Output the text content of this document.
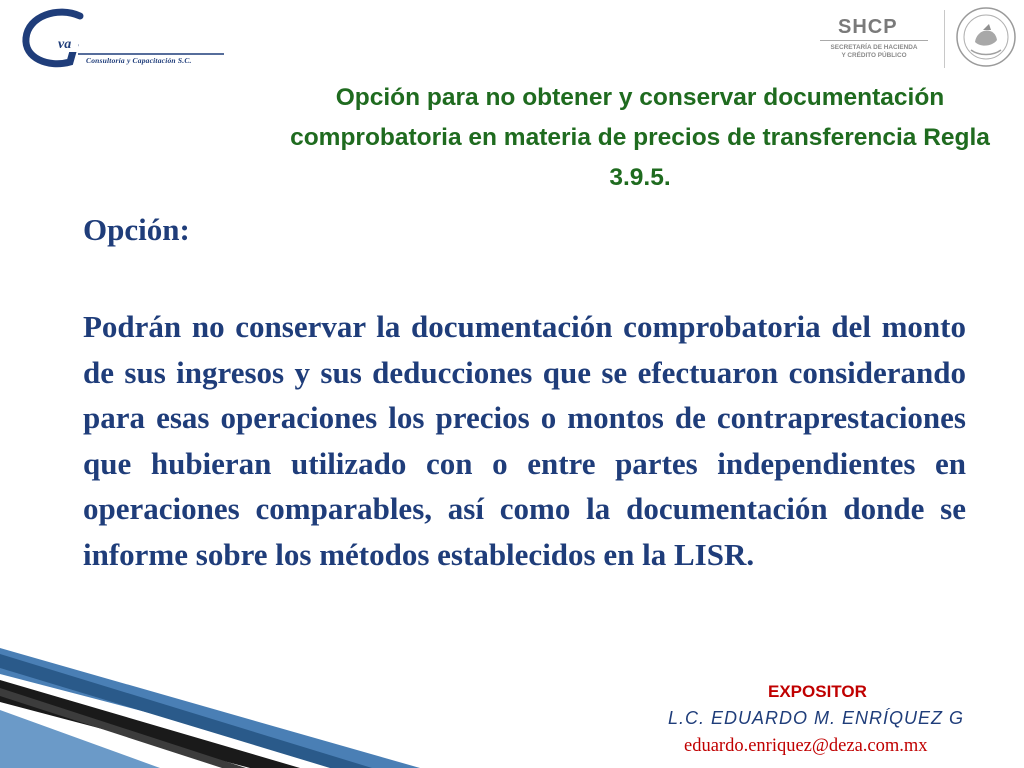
va
Consultoría y Capacitación S.C.
SHCP
SECRETARÍA DE HACIENDA
Y CRÉDITO PÚBLICO
Opción para no obtener y conservar documentación comprobatoria en materia de precios de transferencia Regla 3.9.5.
Opción:
Podrán no conservar la documentación comprobatoria del monto de sus ingresos y sus deducciones que se efectuaron considerando para esas operaciones los precios o montos de contraprestaciones que hubieran utilizado con o entre partes independientes en operaciones comparables, así como la documentación donde se informe sobre los métodos establecidos en la LISR.
EXPOSITOR
L.C. EDUARDO M. ENRÍQUEZ G
eduardo.enriquez@deza.com.mx
